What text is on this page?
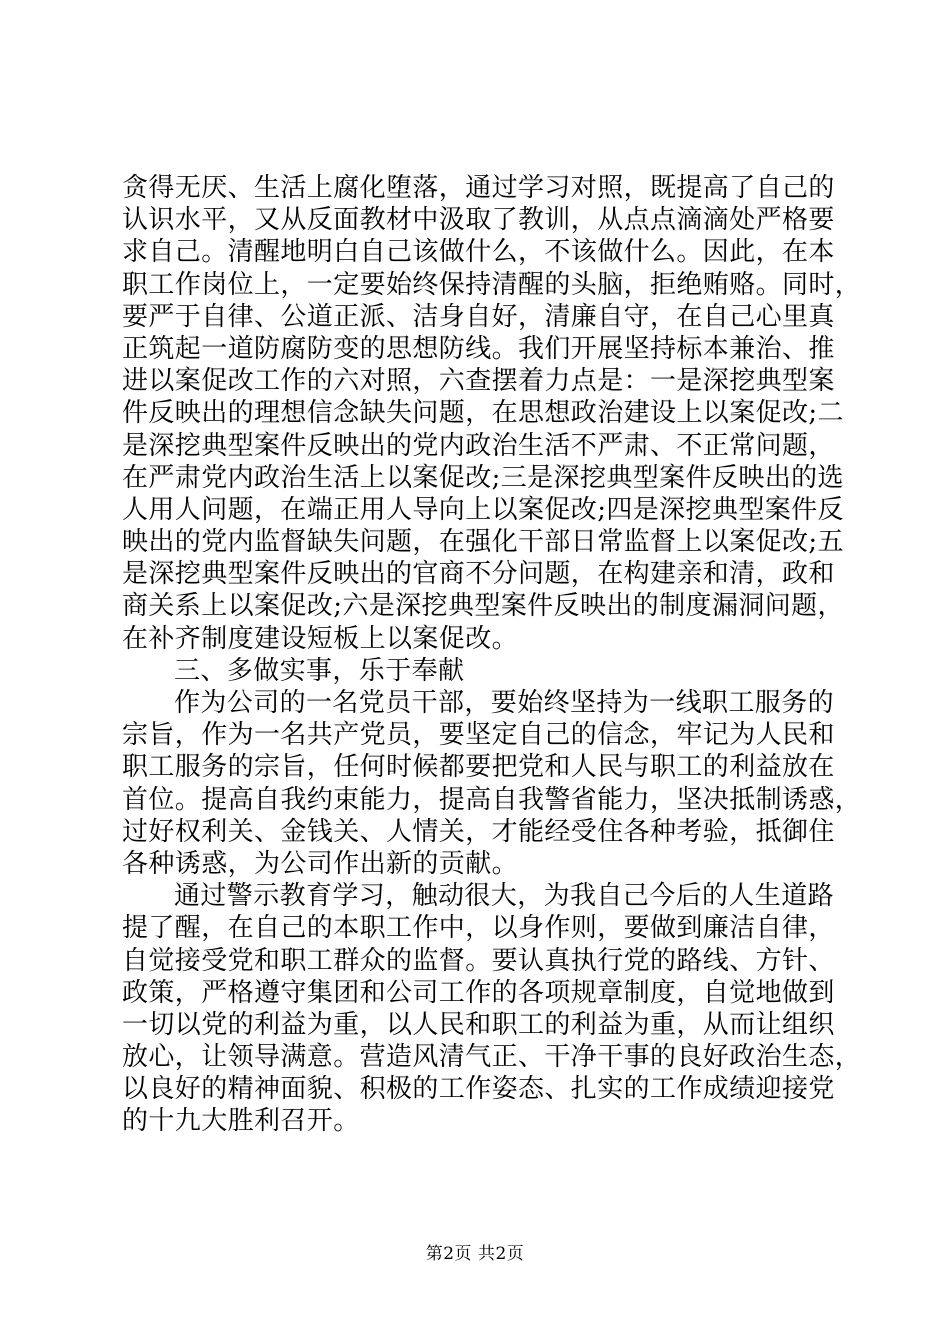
贪得无厌、生活上腐化堕落，通过学习对照，既提高了自己的
认识水平，又从反面教材中汲取了教训，从点点滴滴处严格要
求自己。清醒地明白自己该做什么，不该做什么。因此，在本
职工作岗位上，一定要始终保持清醒的头脑，拒绝贿赂。同时，
要严于自律、公道正派、洁身自好，清廉自守，在自己心里真
正筑起一道防腐防变的思想防线。我们开展坚持标本兼治、推
进以案促改工作的六对照，六查摆着力点是：一是深挖典型案
件反映出的理想信念缺失问题，在思想政治建设上以案促改;二
是深挖典型案件反映出的党内政治生活不严肃、不正常问题，
在严肃党内政治生活上以案促改;三是深挖典型案件反映出的选
人用人问题，在端正用人导向上以案促改;四是深挖典型案件反
映出的党内监督缺失问题，在强化干部日常监督上以案促改;五
是深挖典型案件反映出的官商不分问题，在构建亲和清，政和
商关系上以案促改;六是深挖典型案件反映出的制度漏洞问题，
在补齐制度建设短板上以案促改。
三、多做实事，乐于奉献
作为公司的一名党员干部，要始终坚持为一线职工服务的
宗旨，作为一名共产党员，要坚定自己的信念，牢记为人民和
职工服务的宗旨，任何时候都要把党和人民与职工的利益放在
首位。提高自我约束能力，提高自我警省能力，坚决抵制诱惑，
过好权利关、金钱关、人情关，才能经受住各种考验，抵御住
各种诱惑，为公司作出新的贡献。
通过警示教育学习，触动很大，为我自己今后的人生道路
提了醒，在自己的本职工作中，以身作则，要做到廉洁自律，
自觉接受党和职工群众的监督。要认真执行党的路线、方针、
政策，严格遵守集团和公司工作的各项规章制度，自觉地做到
一切以党的利益为重，以人民和职工的利益为重，从而让组织
放心，让领导满意。营造风清气正、干净干事的良好政治生态，
以良好的精神面貌、积极的工作姿态、扎实的工作成绩迎接党
的十九大胜利召开。
第2页 共2页
